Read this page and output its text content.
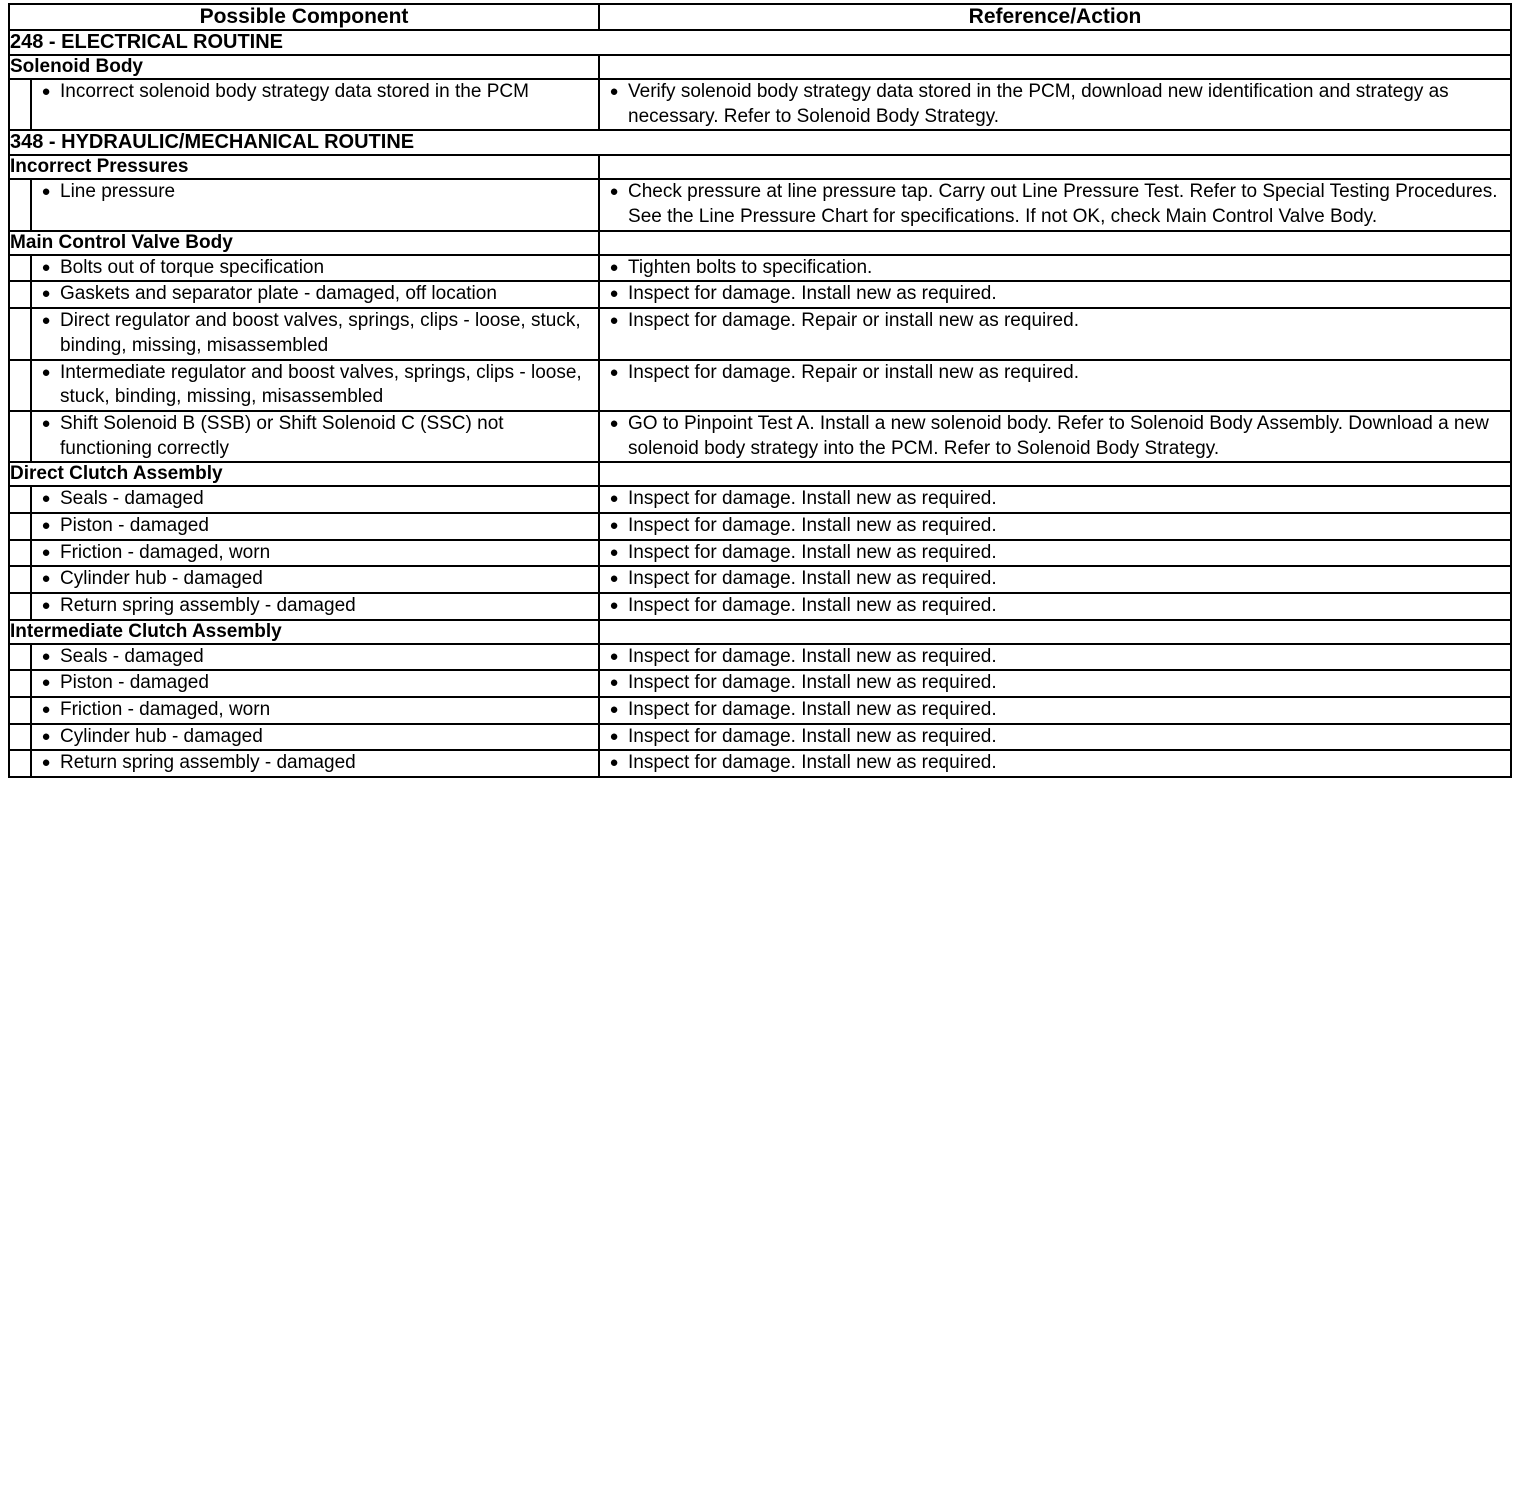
Possible Component		Reference/Action
248 - ELECTRICAL ROUTINE		
Solenoid Body		

	● Incorrect solenoid body strategy data stored in the PCM	● Verify solenoid body strategy data stored in the PCM, download new identification and strategy as necessary. Refer to Solenoid Body Strategy.

348 - HYDRAULIC/MECHANICAL ROUTINE		
Incorrect Pressures		

	● Line pressure	● Check pressure at line pressure tap. Carry out Line Pressure Test. Refer to Special Testing Procedures. See the Line Pressure Chart for specifications. If not OK, check Main Control Valve Body.

Main Control Valve Body		

	● Bolts out of torque specification	● Tighten bolts to specification.

	● Gaskets and separator plate - damaged, off location	● Inspect for damage. Install new as required.

	● Direct regulator and boost valves, springs, clips - loose, stuck, binding, missing, misassembled	● Inspect for damage. Repair or install new as required.

	● Intermediate regulator and boost valves, springs, clips - loose, stuck, binding, missing, misassembled	● Inspect for damage. Repair or install new as required.

	● Shift Solenoid B (SSB) or Shift Solenoid C (SSC) not functioning correctly	● GO to Pinpoint Test A. Install a new solenoid body. Refer to Solenoid Body Assembly. Download a new solenoid body strategy into the PCM. Refer to Solenoid Body Strategy.

Direct Clutch Assembly		

	● Seals - damaged	● Inspect for damage. Install new as required.

	● Piston - damaged	● Inspect for damage. Install new as required.

	● Friction - damaged, worn	● Inspect for damage. Install new as required.

	● Cylinder hub - damaged	● Inspect for damage. Install new as required.

	● Return spring assembly - damaged	● Inspect for damage. Install new as required.

Intermediate Clutch Assembly		

	● Seals - damaged	● Inspect for damage. Install new as required.

	● Piston - damaged	● Inspect for damage. Install new as required.

	● Friction - damaged, worn	● Inspect for damage. Install new as required.

	● Cylinder hub - damaged	● Inspect for damage. Install new as required.

	● Return spring assembly - damaged	● Inspect for damage. Install new as required.
